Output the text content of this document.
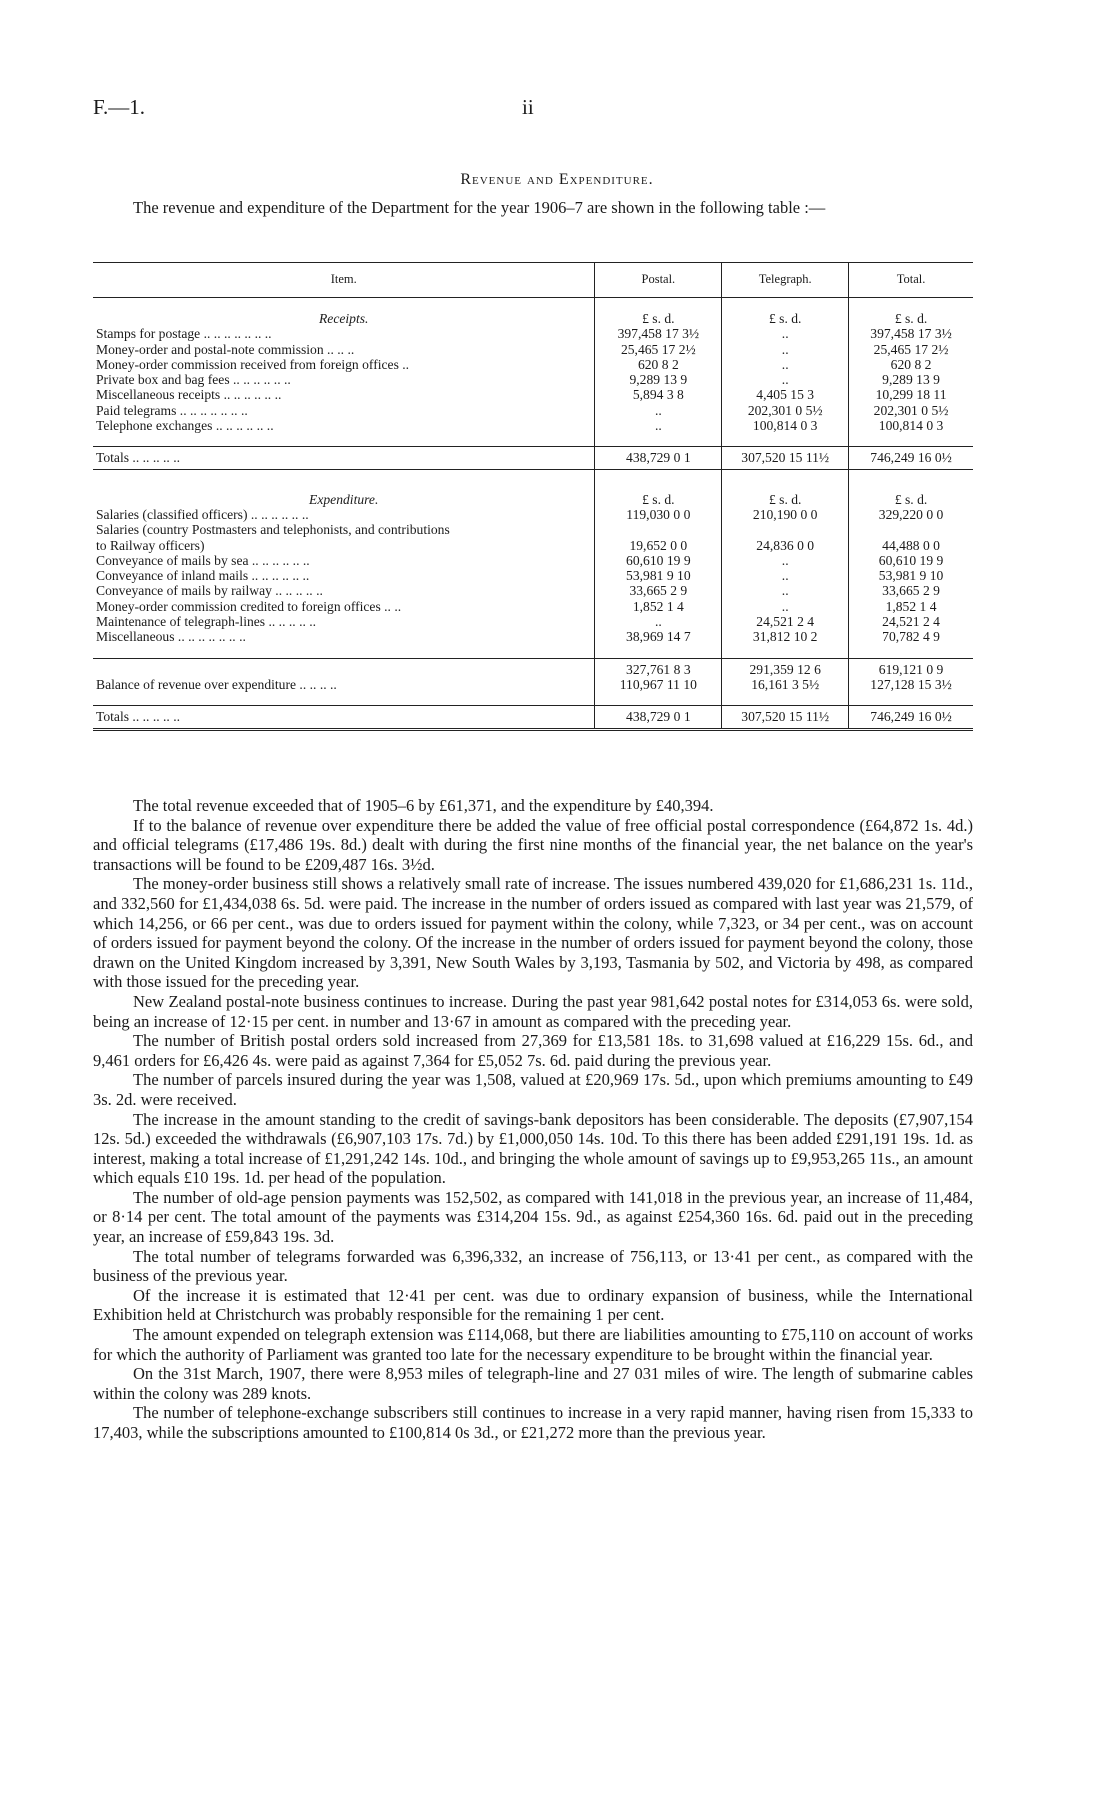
F.—1.	ii
Revenue and Expenditure.

The revenue and expenditure of the Department for the year 1906–7 are shown in the following table :—

Item.	Postal.	Telegraph.	Total.

Receipts.	£ s. d.	£ s. d.	£ s. d.
Stamps for postage .. .. .. .. .. .. ..	397,458 17 3½	..	397,458 17 3½
Money-order and postal-note commission .. .. ..	25,465 17 2½	..	25,465 17 2½
Money-order commission received from foreign offices ..	620 8 2	..	620 8 2
Private box and bag fees .. .. .. .. .. ..	9,289 13 9	..	9,289 13 9
Miscellaneous receipts .. .. .. .. .. ..	5,894 3 8	4,405 15 3	10,299 18 11
Paid telegrams .. .. .. .. .. .. ..	..	202,301 0 5½	202,301 0 5½
Telephone exchanges .. .. .. .. .. ..	..	100,814 0 3	100,814 0 3

Totals .. .. .. .. ..	438,729 0 1	307,520 15 11½	746,249 16 0½

Expenditure.	£ s. d.	£ s. d.	£ s. d.
Salaries (classified officers) .. .. .. .. .. ..	119,030 0 0	210,190 0 0	329,220 0 0
Salaries (country Postmasters and telephonists, and contributions			
to Railway officers)	19,652 0 0	24,836 0 0	44,488 0 0
Conveyance of mails by sea .. .. .. .. .. ..	60,610 19 9	..	60,610 19 9
Conveyance of inland mails .. .. .. .. .. ..	53,981 9 10	..	53,981 9 10
Conveyance of mails by railway .. .. .. .. ..	33,665 2 9	..	33,665 2 9
Money-order commission credited to foreign offices .. ..	1,852 1 4	..	1,852 1 4
Maintenance of telegraph-lines .. .. .. .. ..	..	24,521 2 4	24,521 2 4
Miscellaneous .. .. .. .. .. .. ..	38,969 14 7	31,812 10 2	70,782 4 9

	327,761 8 3	291,359 12 6	619,121 0 9
Balance of revenue over expenditure .. .. .. ..	110,967 11 10	16,161 3 5½	127,128 15 3½

Totals .. .. .. .. ..	438,729 0 1	307,520 15 11½	746,249 16 0½

The total revenue exceeded that of 1905–6 by £61,371, and the expenditure by £40,394.

If to the balance of revenue over expenditure there be added the value of free official postal correspondence (£64,872 1s. 4d.) and official telegrams (£17,486 19s. 8d.) dealt with during the first nine months of the financial year, the net balance on the year's transactions will be found to be £209,487 16s. 3½d.

The money-order business still shows a relatively small rate of increase. The issues numbered 439,020 for £1,686,231 1s. 11d., and 332,560 for £1,434,038 6s. 5d. were paid. The increase in the number of orders issued as compared with last year was 21,579, of which 14,256, or 66 per cent., was due to orders issued for payment within the colony, while 7,323, or 34 per cent., was on account of orders issued for payment beyond the colony. Of the increase in the number of orders issued for payment beyond the colony, those drawn on the United Kingdom increased by 3,391, New South Wales by 3,193, Tasmania by 502, and Victoria by 498, as compared with those issued for the preceding year.

New Zealand postal-note business continues to increase. During the past year 981,642 postal notes for £314,053 6s. were sold, being an increase of 12·15 per cent. in number and 13·67 in amount as compared with the preceding year.

The number of British postal orders sold increased from 27,369 for £13,581 18s. to 31,698 valued at £16,229 15s. 6d., and 9,461 orders for £6,426 4s. were paid as against 7,364 for £5,052 7s. 6d. paid during the previous year.

The number of parcels insured during the year was 1,508, valued at £20,969 17s. 5d., upon which premiums amounting to £49 3s. 2d. were received.

The increase in the amount standing to the credit of savings-bank depositors has been considerable. The deposits (£7,907,154 12s. 5d.) exceeded the withdrawals (£6,907,103 17s. 7d.) by £1,000,050 14s. 10d. To this there has been added £291,191 19s. 1d. as interest, making a total increase of £1,291,242 14s. 10d., and bringing the whole amount of savings up to £9,953,265 11s., an amount which equals £10 19s. 1d. per head of the population.

The number of old-age pension payments was 152,502, as compared with 141,018 in the previous year, an increase of 11,484, or 8·14 per cent. The total amount of the payments was £314,204 15s. 9d., as against £254,360 16s. 6d. paid out in the preceding year, an increase of £59,843 19s. 3d.

The total number of telegrams forwarded was 6,396,332, an increase of 756,113, or 13·41 per cent., as compared with the business of the previous year.

Of the increase it is estimated that 12·41 per cent. was due to ordinary expansion of business, while the International Exhibition held at Christchurch was probably responsible for the remaining 1 per cent.

The amount expended on telegraph extension was £114,068, but there are liabilities amounting to £75,110 on account of works for which the authority of Parliament was granted too late for the necessary expenditure to be brought within the financial year.

On the 31st March, 1907, there were 8,953 miles of telegraph-line and 27 031 miles of wire. The length of submarine cables within the colony was 289 knots.

The number of telephone-exchange subscribers still continues to increase in a very rapid manner, having risen from 15,333 to 17,403, while the subscriptions amounted to £100,814 0s 3d., or £21,272 more than the previous year.
